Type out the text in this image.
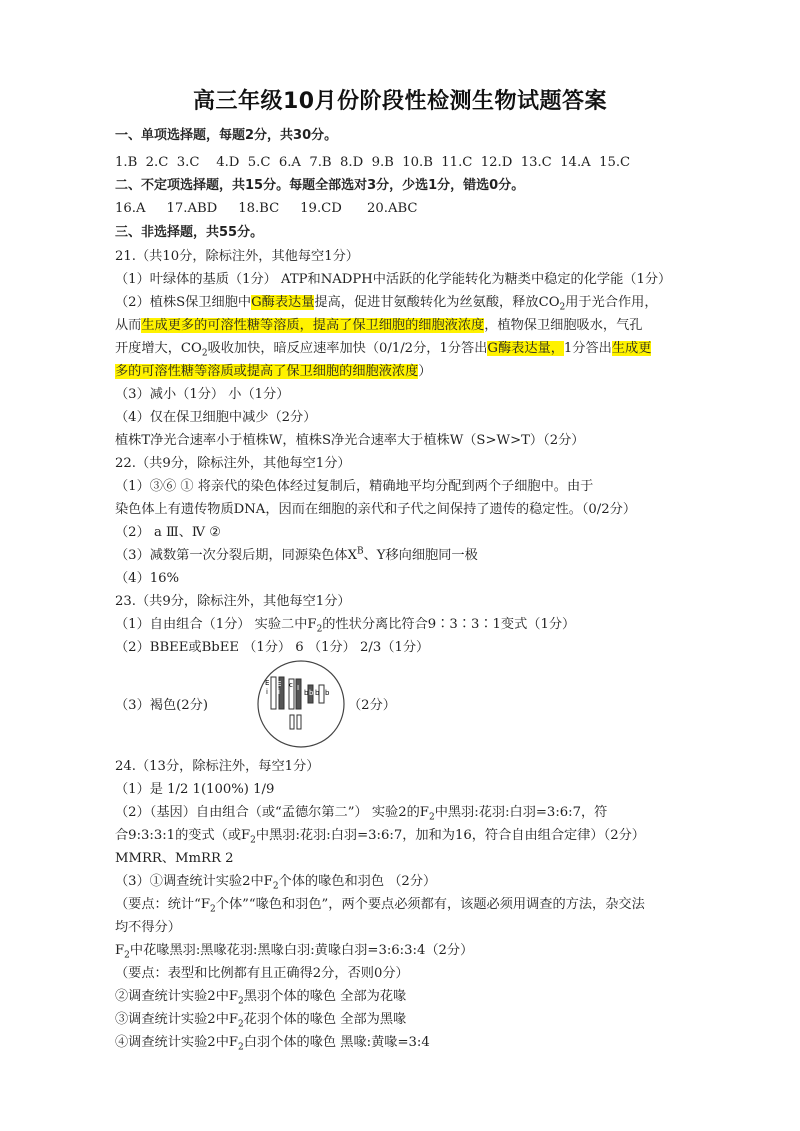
高三年级10月份阶段性检测生物试题答案
一、单项选择题，每题2分，共30分。
1.B 2.C 3.C 4.D 5.C 6.A 7.B 8.D 9.B 10.B 11.C 12.D 13.C 14.A 15.C
二、不定项选择题，共15分。每题全部选对3分，少选1分，错选0分。
16.A 17.ABD 18.BC 19.CD 20.ABC
三、非选择题，共55分。
21.（共10分，除标注外，其他每空1分）
（1）叶绿体的基质（1分） ATP和NADPH中活跃的化学能转化为糖类中稳定的化学能（1分）
（2）植株S保卫细胞中G酶表达量提高，促进甘氨酸转化为丝氨酸，释放$CO_2$用于光合作用，
从而生成更多的可溶性糖等溶质，提高了保卫细胞的细胞液浓度，植物保卫细胞吸水，气孔
开度增大，$CO_2$吸收加快，暗反应速率加快（0/1/2分，1分答出G酶表达量，1分答出生成更
多的可溶性糖等溶质或提高了保卫细胞的细胞液浓度）
（3）减小（1分） 小（1分）
（4）仅在保卫细胞中减少（2分）
植株T净光合速率小于植株W，植株S净光合速率大于植株W（S>W>T）（2分）
22.（共9分，除标注外，其他每空1分）
（1）③⑥ ① 将亲代的染色体经过复制后，精确地平均分配到两个子细胞中。由于
染色体上有遗传物质DNA，因而在细胞的亲代和子代之间保持了遗传的稳定性。（0/2分）
（2） a Ⅲ、Ⅳ ②
（3）减数第一次分裂后期，同源染色体$X^B$、Y移向细胞同一极
（4）16%
23.（共9分，除标注外，其他每空1分）
（1）自由组合（1分） 实验二中$F_2$的性状分离比符合9∶3∶3∶1变式（1分）
（2）BBEE或BbEE （1分） 6 （1分） 2/3（1分）
（3）褐色(2分)	（2分）
E
i
E
i
c I
b b b b
24.（13分，除标注外，每空1分）
（1）是 1/2 1(100%) 1/9
（2）（基因）自由组合（或“孟德尔第二”） 实验2的$F_2$中黑羽:花羽:白羽=3:6:7，符
合9:3:3:1的变式（或$F_2$中黑羽:花羽:白羽=3:6:7，加和为16，符合自由组合定律）（2分）
MMRR、MmRR 2
（3）①调查统计实验2中$F_2$个体的喙色和羽色 （2分）
（要点：统计“$F_2$个体”“喙色和羽色”，两个要点必须都有，该题必须用调查的方法，杂交法
均不得分）
$F_2$中花喙黑羽:黑喙花羽:黑喙白羽:黄喙白羽=3:6:3:4（2分）
（要点：表型和比例都有且正确得2分，否则0分）
②调查统计实验2中$F_2$黑羽个体的喙色 全部为花喙
③调查统计实验2中$F_2$花羽个体的喙色 全部为黑喙
④调查统计实验2中$F_2$白羽个体的喙色 黑喙:黄喙=3:4
